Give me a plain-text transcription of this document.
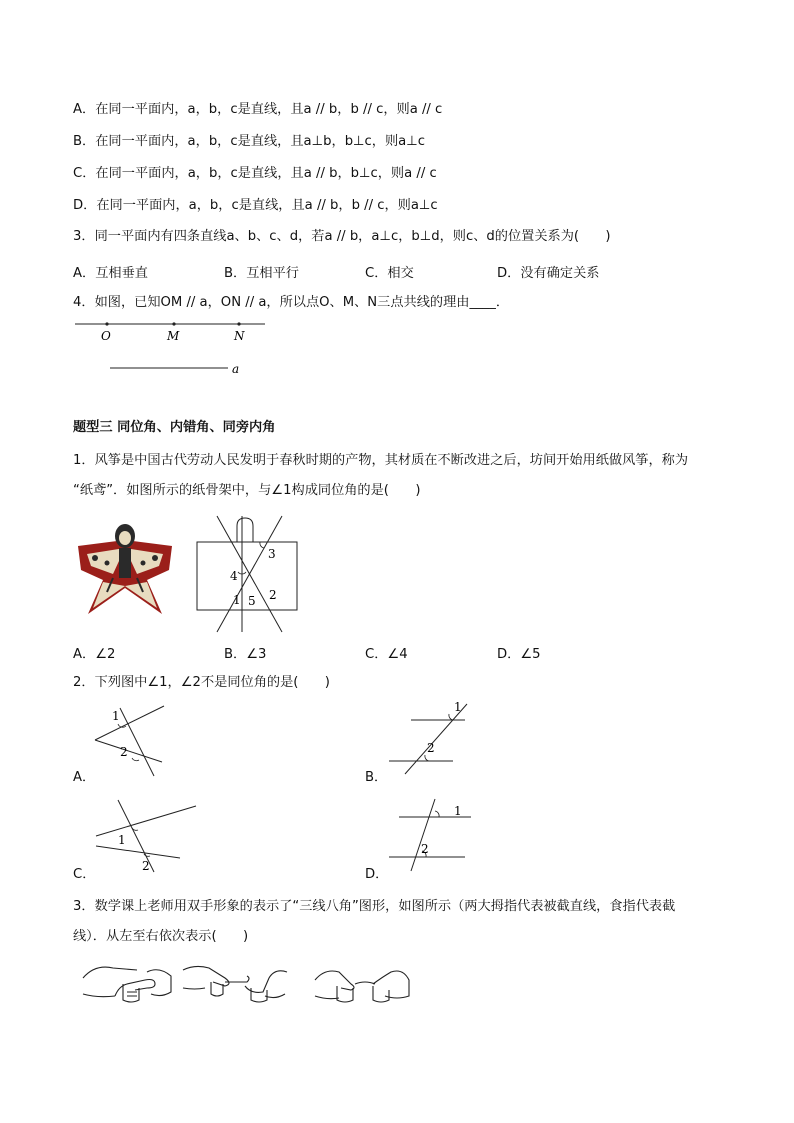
A．在同一平面内，a，b，c是直线，且a // b，b // c，则a // c
B．在同一平面内，a，b，c是直线，且a⊥b，b⊥c，则a⊥c
C．在同一平面内，a，b，c是直线，且a // b，b⊥c，则a // c
D．在同一平面内，a，b，c是直线，且a // b，b // c，则a⊥c
3．同一平面内有四条直线a、b、c、d，若a // b，a⊥c，b⊥d，则c、d的位置关系为(　　)
A．互相垂直	B．互相平行	C．相交	D．没有确定关系
4．如图，已知OM // a，ON // a，所以点O、M、N三点共线的理由____．
O	M	N
a
题型三 同位角、内错角、同旁内角
1．风筝是中国古代劳动人民发明于春秋时期的产物，其材质在不断改进之后，坊间开始用纸做风筝，称为
“纸鸢”．如图所示的纸骨架中，与∠1构成同位角的是(　　)
3
4
1 5 2
A．∠2	B．∠3	C．∠4	D．∠5
2．下列图中∠1，∠2不是同位角的是(　　)
A．
1
2
B．
1
2
C．
1
2
D．
1
2
3．数学课上老师用双手形象的表示了“三线八角”图形，如图所示（两大拇指代表被截直线，食指代表截
线）．从左至右依次表示(　　)
